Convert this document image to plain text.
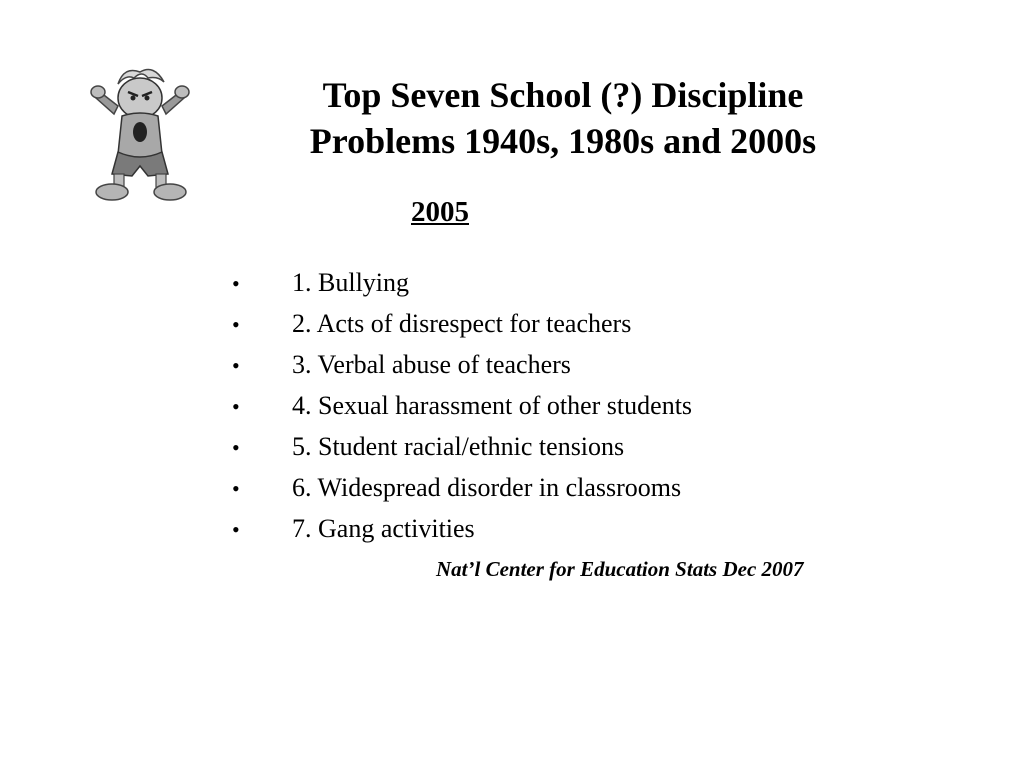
Top Seven School (?) Discipline
Problems 1940s, 1980s and 2000s
2005
•	1. Bullying
•	2. Acts of disrespect for teachers
•	3. Verbal abuse of teachers
•	4. Sexual harassment of other students
•	5. Student racial/ethnic tensions
•	6. Widespread disorder in classrooms
•	7. Gang activities
Nat’l Center for Education Stats Dec 2007
